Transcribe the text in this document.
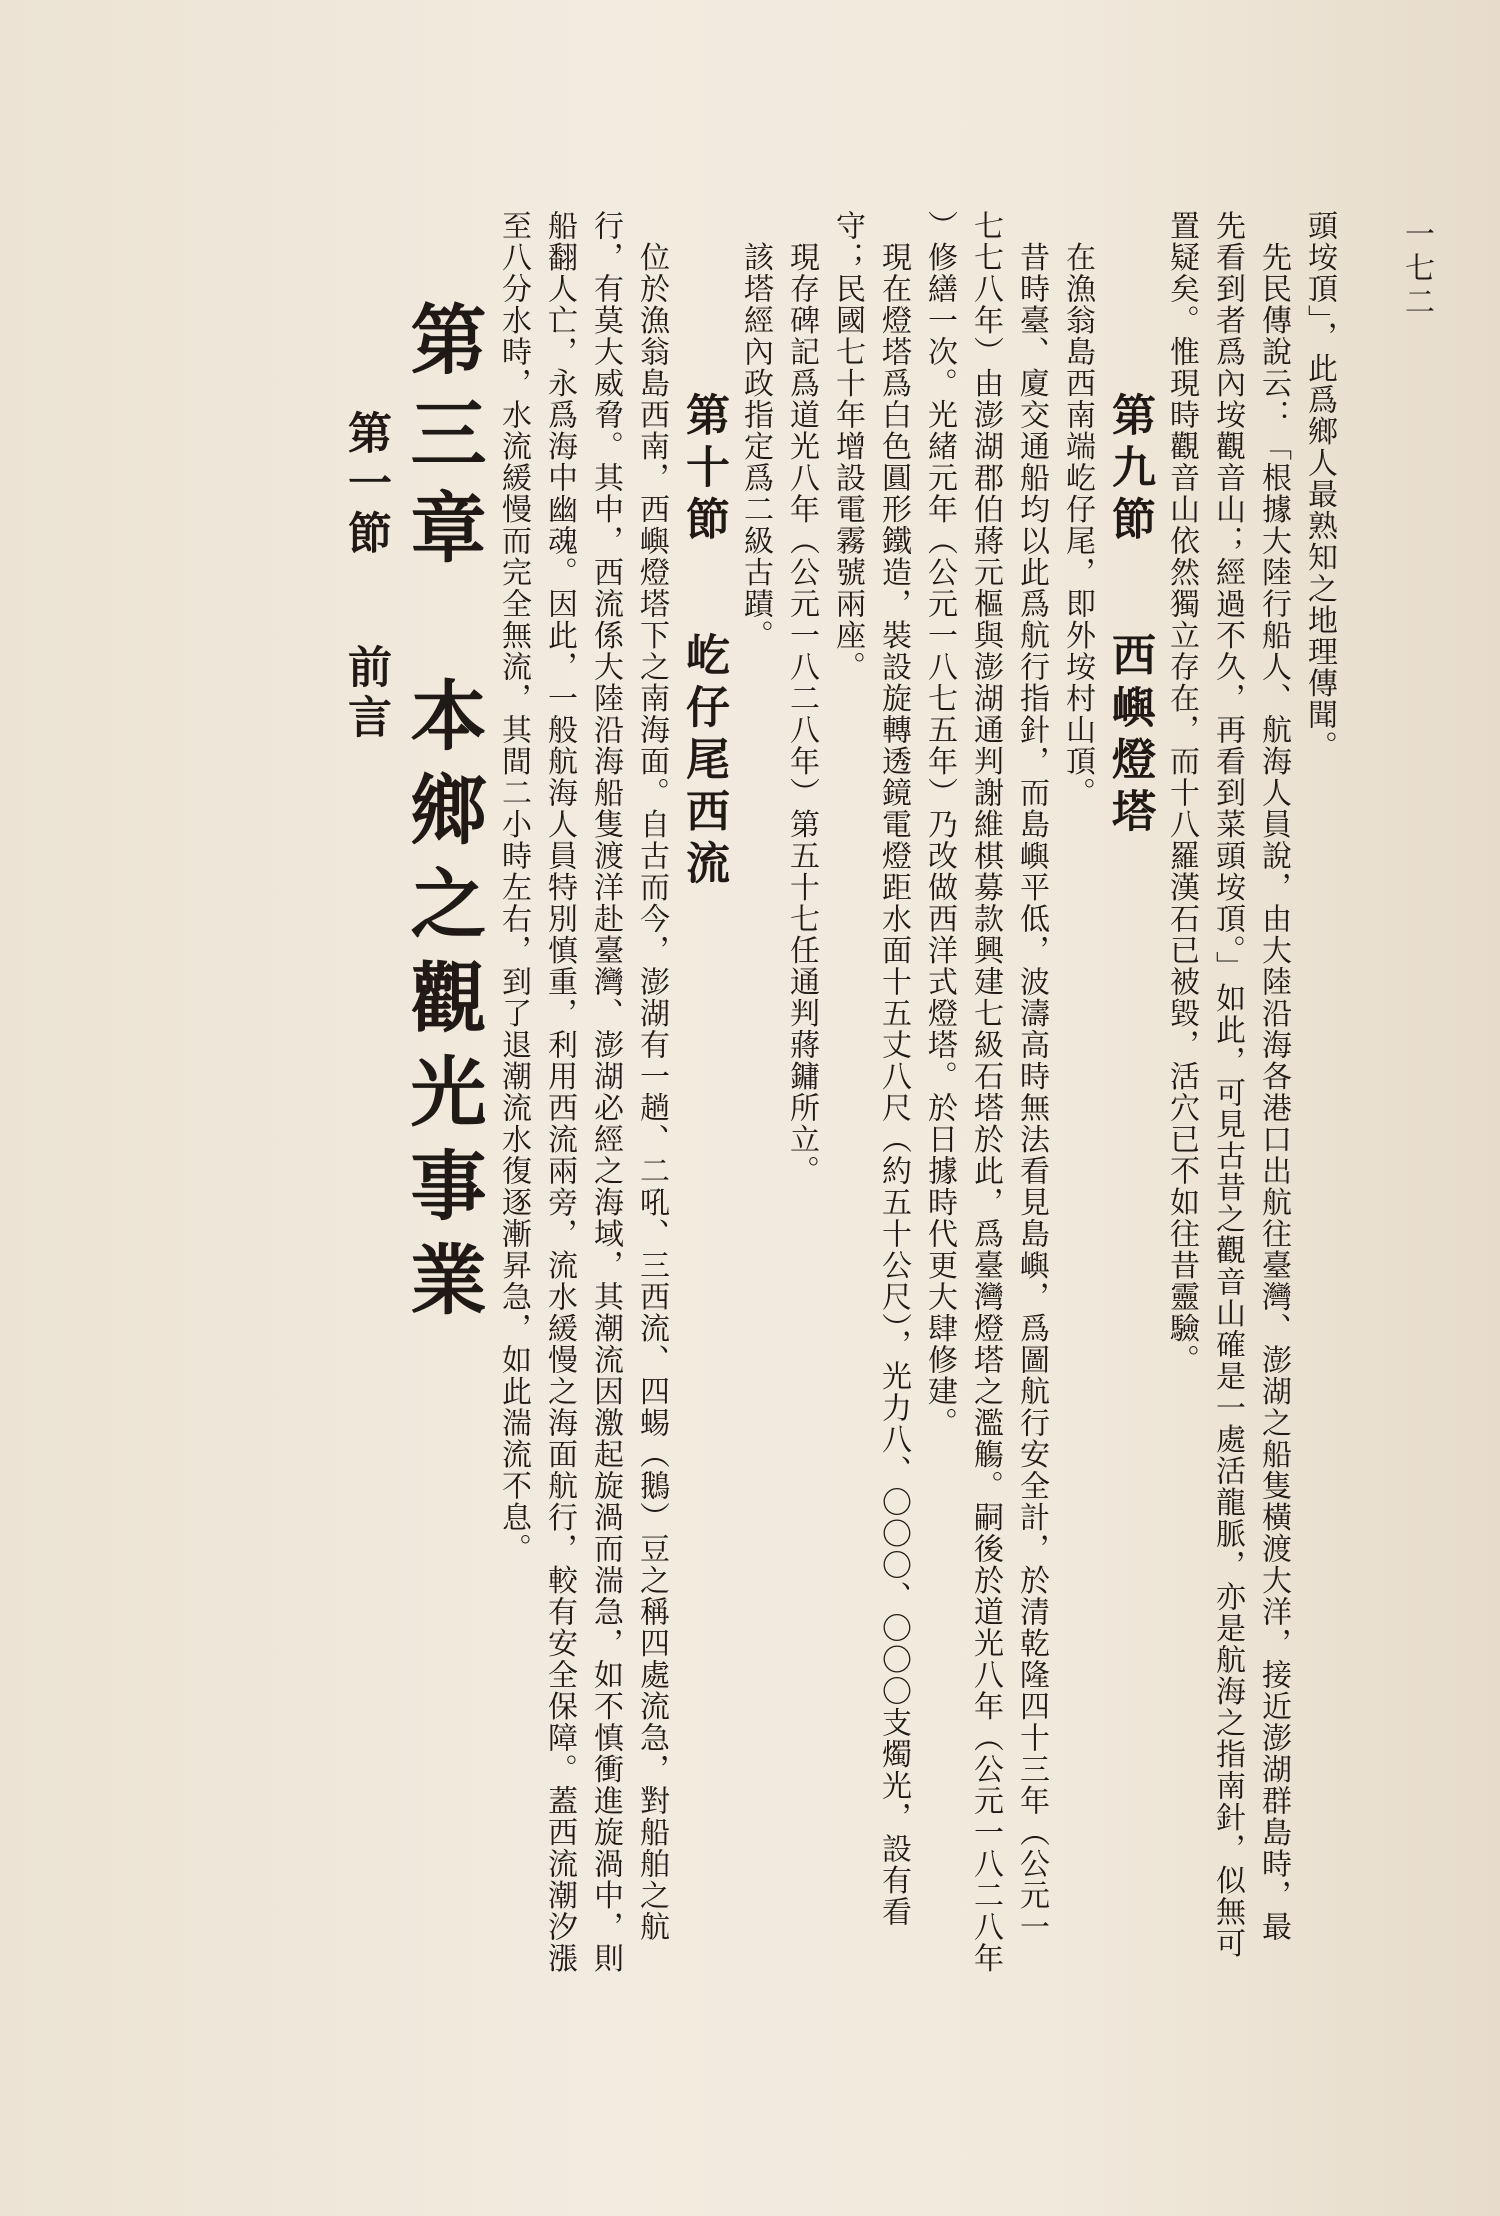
一七二
頭垵頂」，此爲鄉人最熟知之地理傳聞。
　先民傳說云：「根據大陸行船人、航海人員說，由大陸沿海各港口出航往臺灣、澎湖之船隻橫渡大洋，接近澎湖群島時，最
先看到者爲內垵觀音山；經過不久，再看到菜頭垵頂。」如此，可見古昔之觀音山確是一處活龍脈，亦是航海之指南針，似無可
置疑矣。惟現時觀音山依然獨立存在，而十八羅漢石已被毀，活穴已不如往昔靈驗。
第九節　西嶼燈塔
　在漁翁島西南端屹仔尾，即外垵村山頂。
　昔時臺、廈交通船均以此爲航行指針，而島嶼平低，波濤高時無法看見島嶼，爲圖航行安全計，於清乾隆四十三年（公元一
七七八年）由澎湖郡伯蔣元樞與澎湖通判謝維棋募款興建七級石塔於此，爲臺灣燈塔之濫觴。嗣後於道光八年（公元一八二八年
）修繕一次。光緒元年（公元一八七五年）乃改做西洋式燈塔。於日據時代更大肆修建。
　現在燈塔爲白色圓形鐵造，裝設旋轉透鏡電燈距水面十五丈八尺（約五十公尺），光力八、〇〇〇、〇〇〇支燭光，設有看
守；民國七十年增設電霧號兩座。
　現存碑記爲道光八年（公元一八二八年）第五十七任通判蔣鏞所立。
　該塔經內政指定爲二級古蹟。
第十節　屹仔尾西流
　位於漁翁島西南，西嶼燈塔下之南海面。自古而今，澎湖有一趟、二吼、三西流、四蜴（鵝）豆之稱四處流急，對船舶之航
行，有莫大威脅。其中，西流係大陸沿海船隻渡洋赴臺灣、澎湖必經之海域，其潮流因激起旋渦而湍急，如不慎衝進旋渦中，則
船翻人亡，永爲海中幽魂。因此，一般航海人員特別慎重，利用西流兩旁，流水緩慢之海面航行，較有安全保障。蓋西流潮汐漲
至八分水時，水流緩慢而完全無流，其間二小時左右，到了退潮流水復逐漸昇急，如此湍流不息。
第三章　本鄉之觀光事業
第一節　前言
